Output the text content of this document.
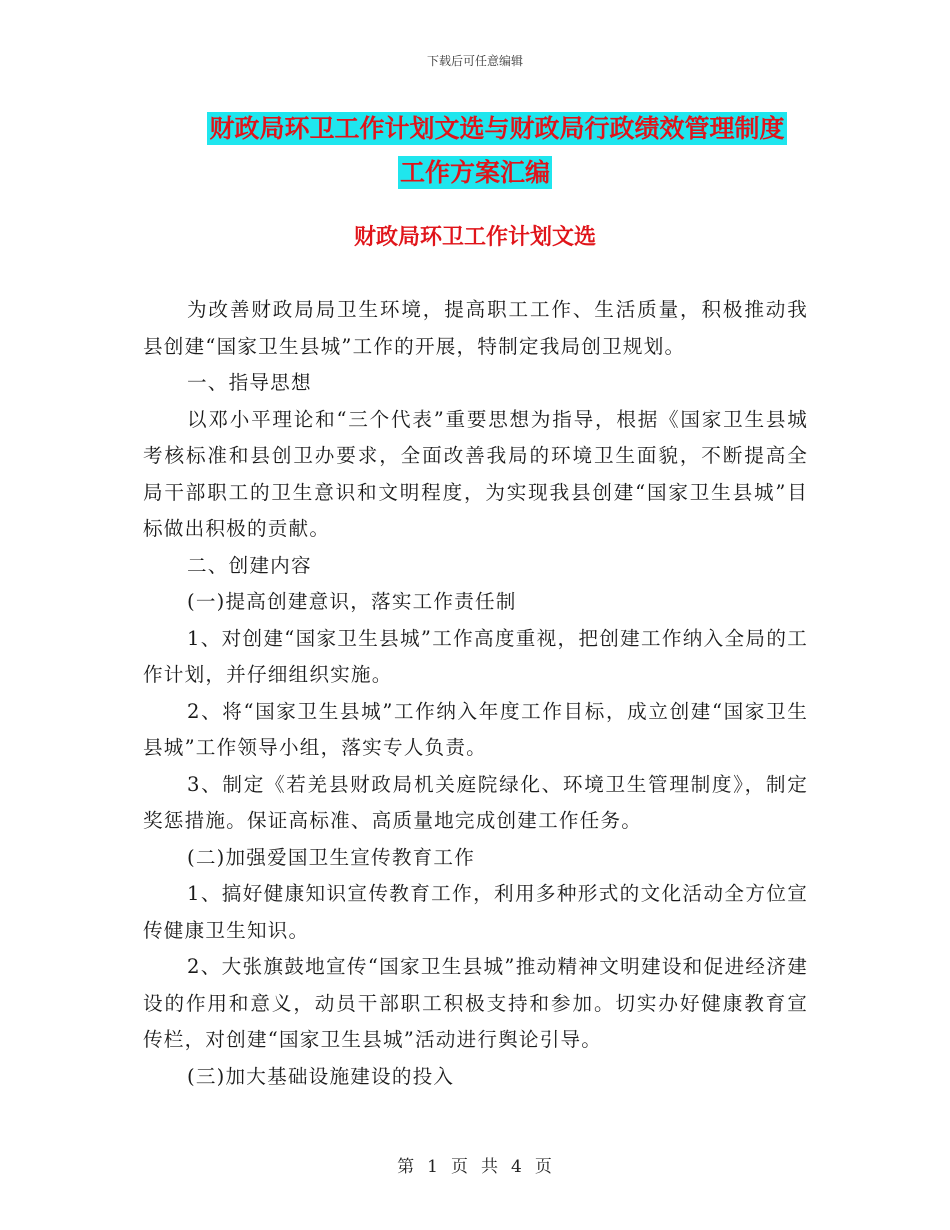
下载后可任意编辑
财政局环卫工作计划文选与财政局行政绩效管理制度
工作方案汇编
财政局环卫工作计划文选

为改善财政局局卫生环境，提高职工工作、生活质量，积极推动我县创建“国家卫生县城”工作的开展，特制定我局创卫规划。

一、指导思想

以邓小平理论和“三个代表”重要思想为指导，根据《国家卫生县城考核标准和县创卫办要求，全面改善我局的环境卫生面貌，不断提高全局干部职工的卫生意识和文明程度，为实现我县创建“国家卫生县城”目标做出积极的贡献。

二、创建内容

(一)提高创建意识，落实工作责任制

1、对创建“国家卫生县城”工作高度重视，把创建工作纳入全局的工作计划，并仔细组织实施。

2、将“国家卫生县城”工作纳入年度工作目标，成立创建“国家卫生县城”工作领导小组，落实专人负责。

3、制定《若羌县财政局机关庭院绿化、环境卫生管理制度》，制定奖惩措施。保证高标准、高质量地完成创建工作任务。

(二)加强爱国卫生宣传教育工作

1、搞好健康知识宣传教育工作，利用多种形式的文化活动全方位宣传健康卫生知识。

2、大张旗鼓地宣传“国家卫生县城”推动精神文明建设和促进经济建设的作用和意义，动员干部职工积极支持和参加。切实办好健康教育宣传栏，对创建“国家卫生县城”活动进行舆论引导。

(三)加大基础设施建设的投入

第 1 页 共 4 页
